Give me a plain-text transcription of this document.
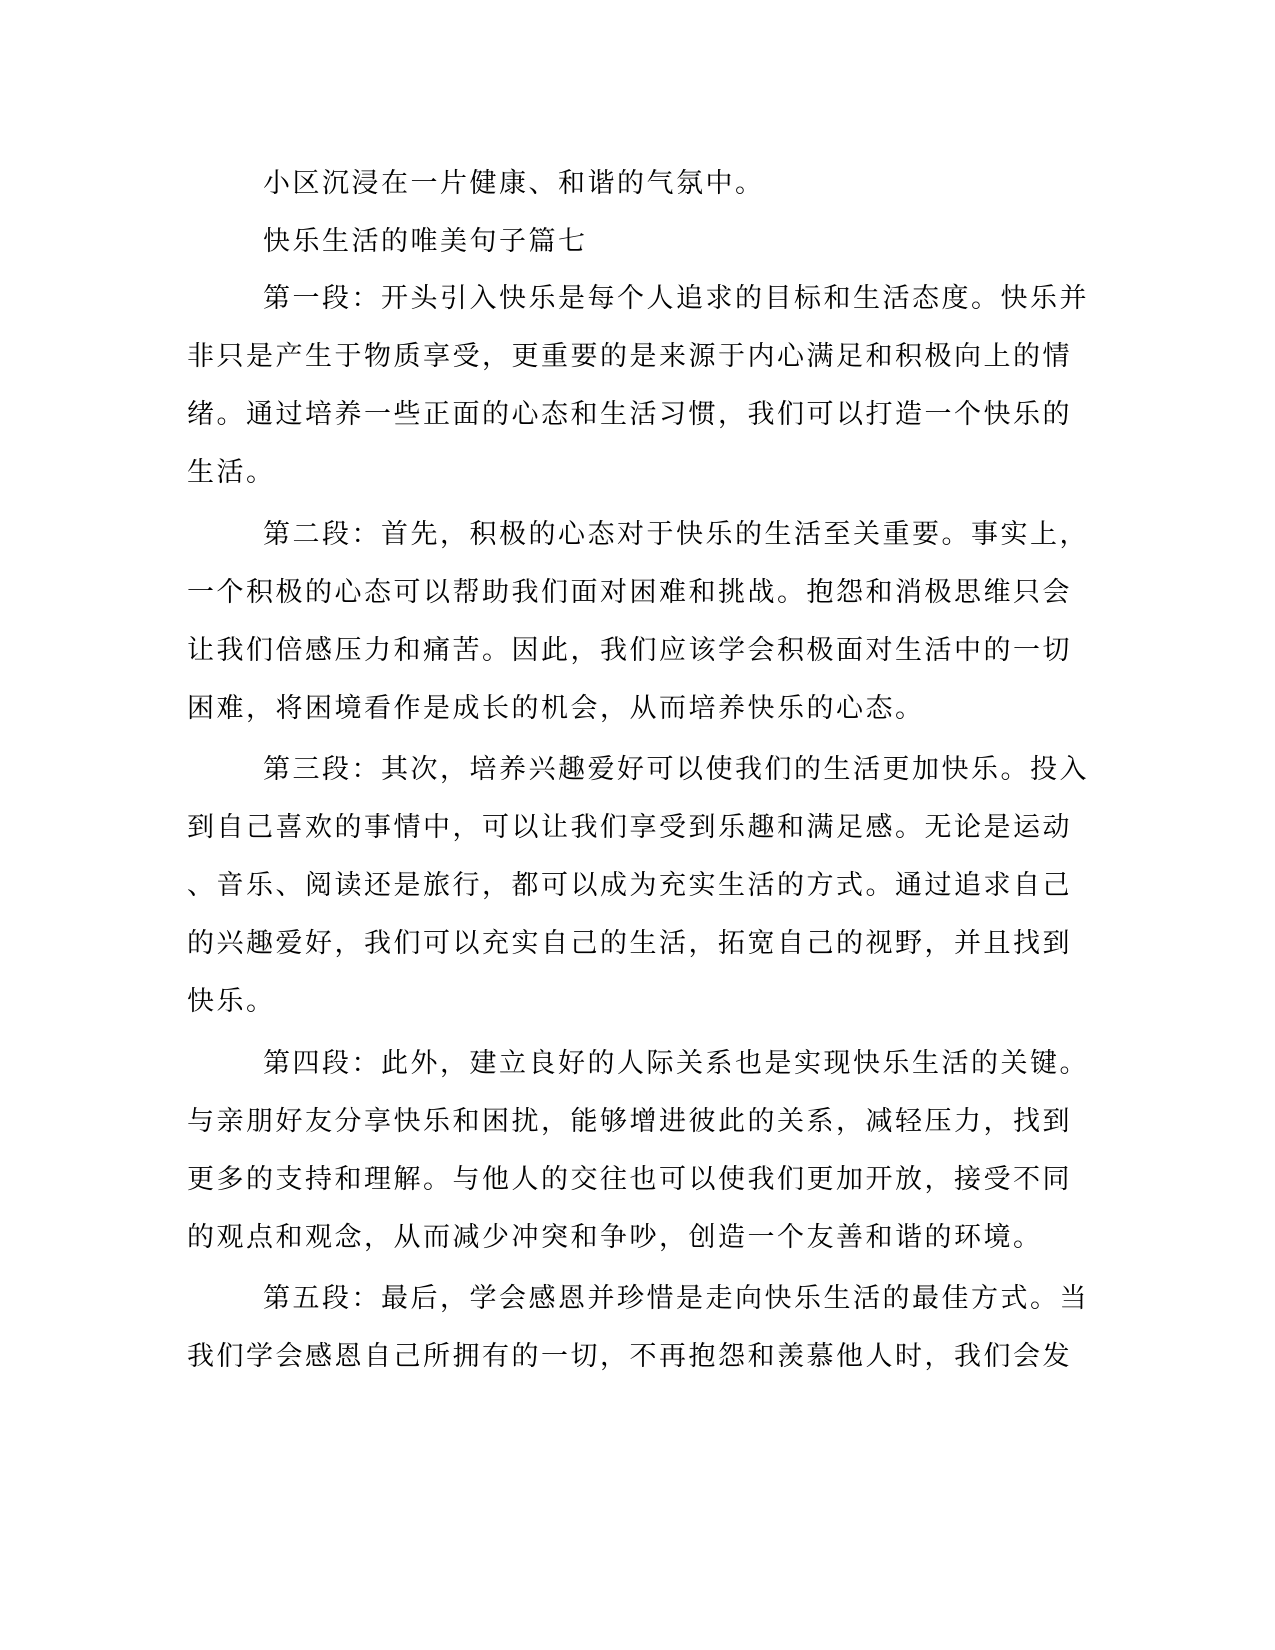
小区沉浸在一片健康、和谐的气氛中。
快乐生活的唯美句子篇七
第一段：开头引入快乐是每个人追求的目标和生活态度。快乐并
非只是产生于物质享受，更重要的是来源于内心满足和积极向上的情
绪。通过培养一些正面的心态和生活习惯，我们可以打造一个快乐的
生活。
第二段：首先，积极的心态对于快乐的生活至关重要。事实上，
一个积极的心态可以帮助我们面对困难和挑战。抱怨和消极思维只会
让我们倍感压力和痛苦。因此，我们应该学会积极面对生活中的一切
困难，将困境看作是成长的机会，从而培养快乐的心态。
第三段：其次，培养兴趣爱好可以使我们的生活更加快乐。投入
到自己喜欢的事情中，可以让我们享受到乐趣和满足感。无论是运动
、音乐、阅读还是旅行，都可以成为充实生活的方式。通过追求自己
的兴趣爱好，我们可以充实自己的生活，拓宽自己的视野，并且找到
快乐。
第四段：此外，建立良好的人际关系也是实现快乐生活的关键。
与亲朋好友分享快乐和困扰，能够增进彼此的关系，减轻压力，找到
更多的支持和理解。与他人的交往也可以使我们更加开放，接受不同
的观点和观念，从而减少冲突和争吵，创造一个友善和谐的环境。
第五段：最后，学会感恩并珍惜是走向快乐生活的最佳方式。当
我们学会感恩自己所拥有的一切，不再抱怨和羡慕他人时，我们会发
